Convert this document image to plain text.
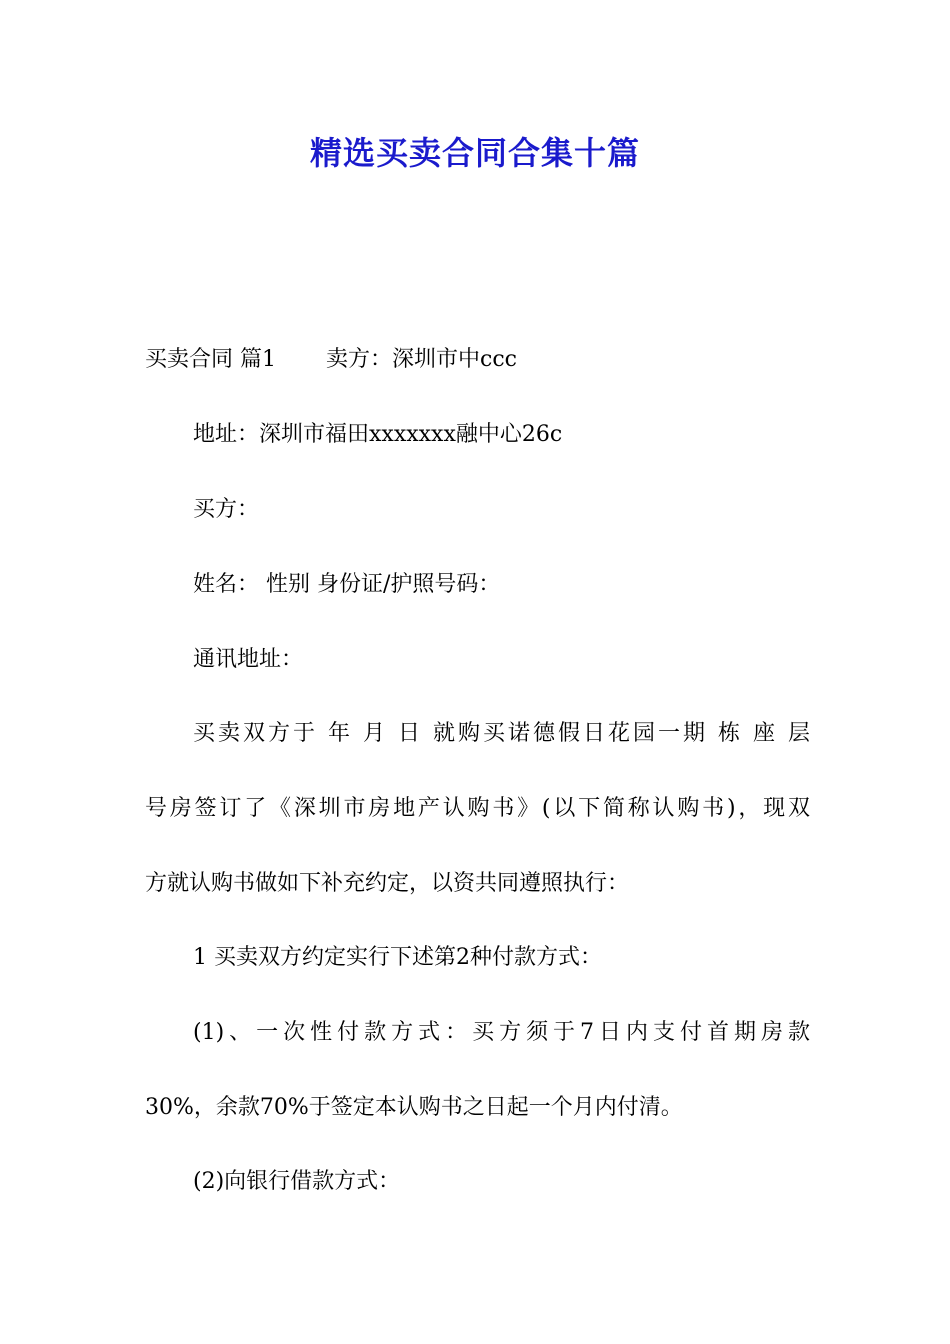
精选买卖合同合集十篇
买卖合同 篇1 卖方：深圳市中ccc
地址：深圳市福田xxxxxxx融中心26c
买方：
姓名： 性别 身份证/护照号码：
通讯地址：
买卖双方于 年 月 日 就购买诺德假日花园一期 栋 座 层
号房签订了《深圳市房地产认购书》(以下简称认购书)，现双
方就认购书做如下补充约定，以资共同遵照执行：
1 买卖双方约定实行下述第2种付款方式：
(1)、一次性付款方式：买方须于7日内支付首期房款
30%，余款70%于签定本认购书之日起一个月内付清。
(2)向银行借款方式：
